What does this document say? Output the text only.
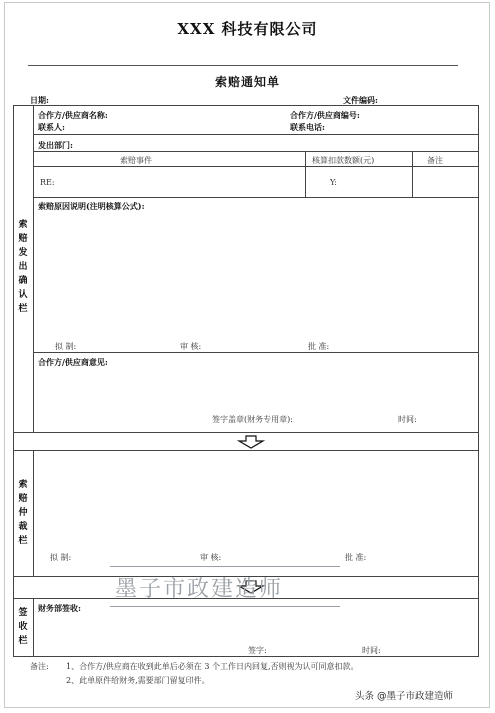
XXX 科技有限公司
索赔通知单
日期:	文件编码:
合作方/供应商名称:	合作方/供应商编号:
联系人:	联系电话:
发出部门:
索赔事件	核算扣款数额(元)	备注
RE:	Y:
索赔发出确认栏
索赔原因说明(注明核算公式):
拟 制:	审 核:	批 准:
合作方/供应商意见:
签字盖章(财务专用章):	时间:
索赔仲裁栏
拟 制:	审 核:	批 准:
签收栏
财务部签收:
签字:	时间:
备注: 1、合作方/供应商在收到此单后必须在 3 个工作日内回复,否则视为认可同意扣款。
2、此单原件给财务,需要部门留复印件。
墨子市政建造师
头条 @墨子市政建造师
